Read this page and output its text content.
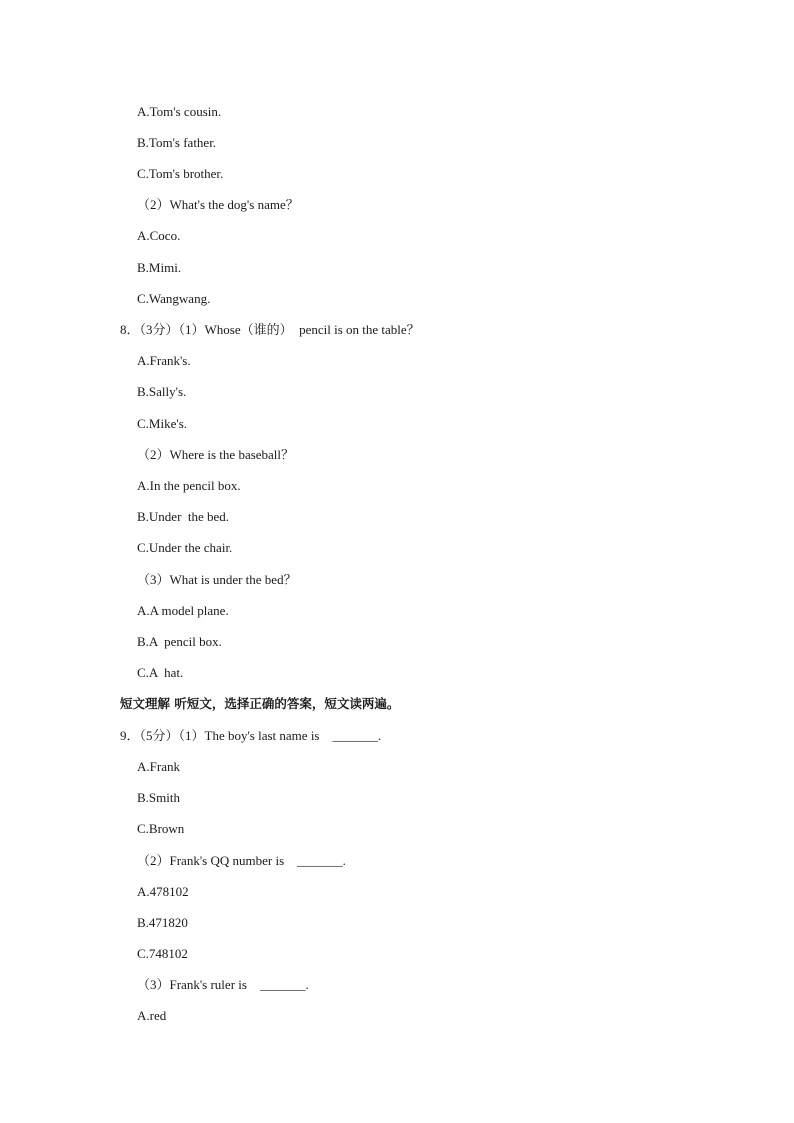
A.Tom's cousin.
B.Tom's father.
C.Tom's brother.
（2）What's the dog's name？
A.Coco.
B.Mimi.
C.Wangwang.
8．（3分）（1）Whose（谁的）  pencil is on the table？
A.Frank's.
B.Sally's.
C.Mike's.
（2）Where is the baseball？
A.In the pencil box.
B.Under  the bed.
C.Under the chair.
（3）What is under the bed？
A.A model plane.
B.A  pencil box.
C.A  hat.
短文理解 听短文，选择正确的答案，短文读两遍。
9．（5分）（1）The boy's last name is    _______.
A.Frank
B.Smith
C.Brown
（2）Frank's QQ number is    _______.
A.478102
B.471820
C.748102
（3）Frank's ruler is    _______.
A.red
